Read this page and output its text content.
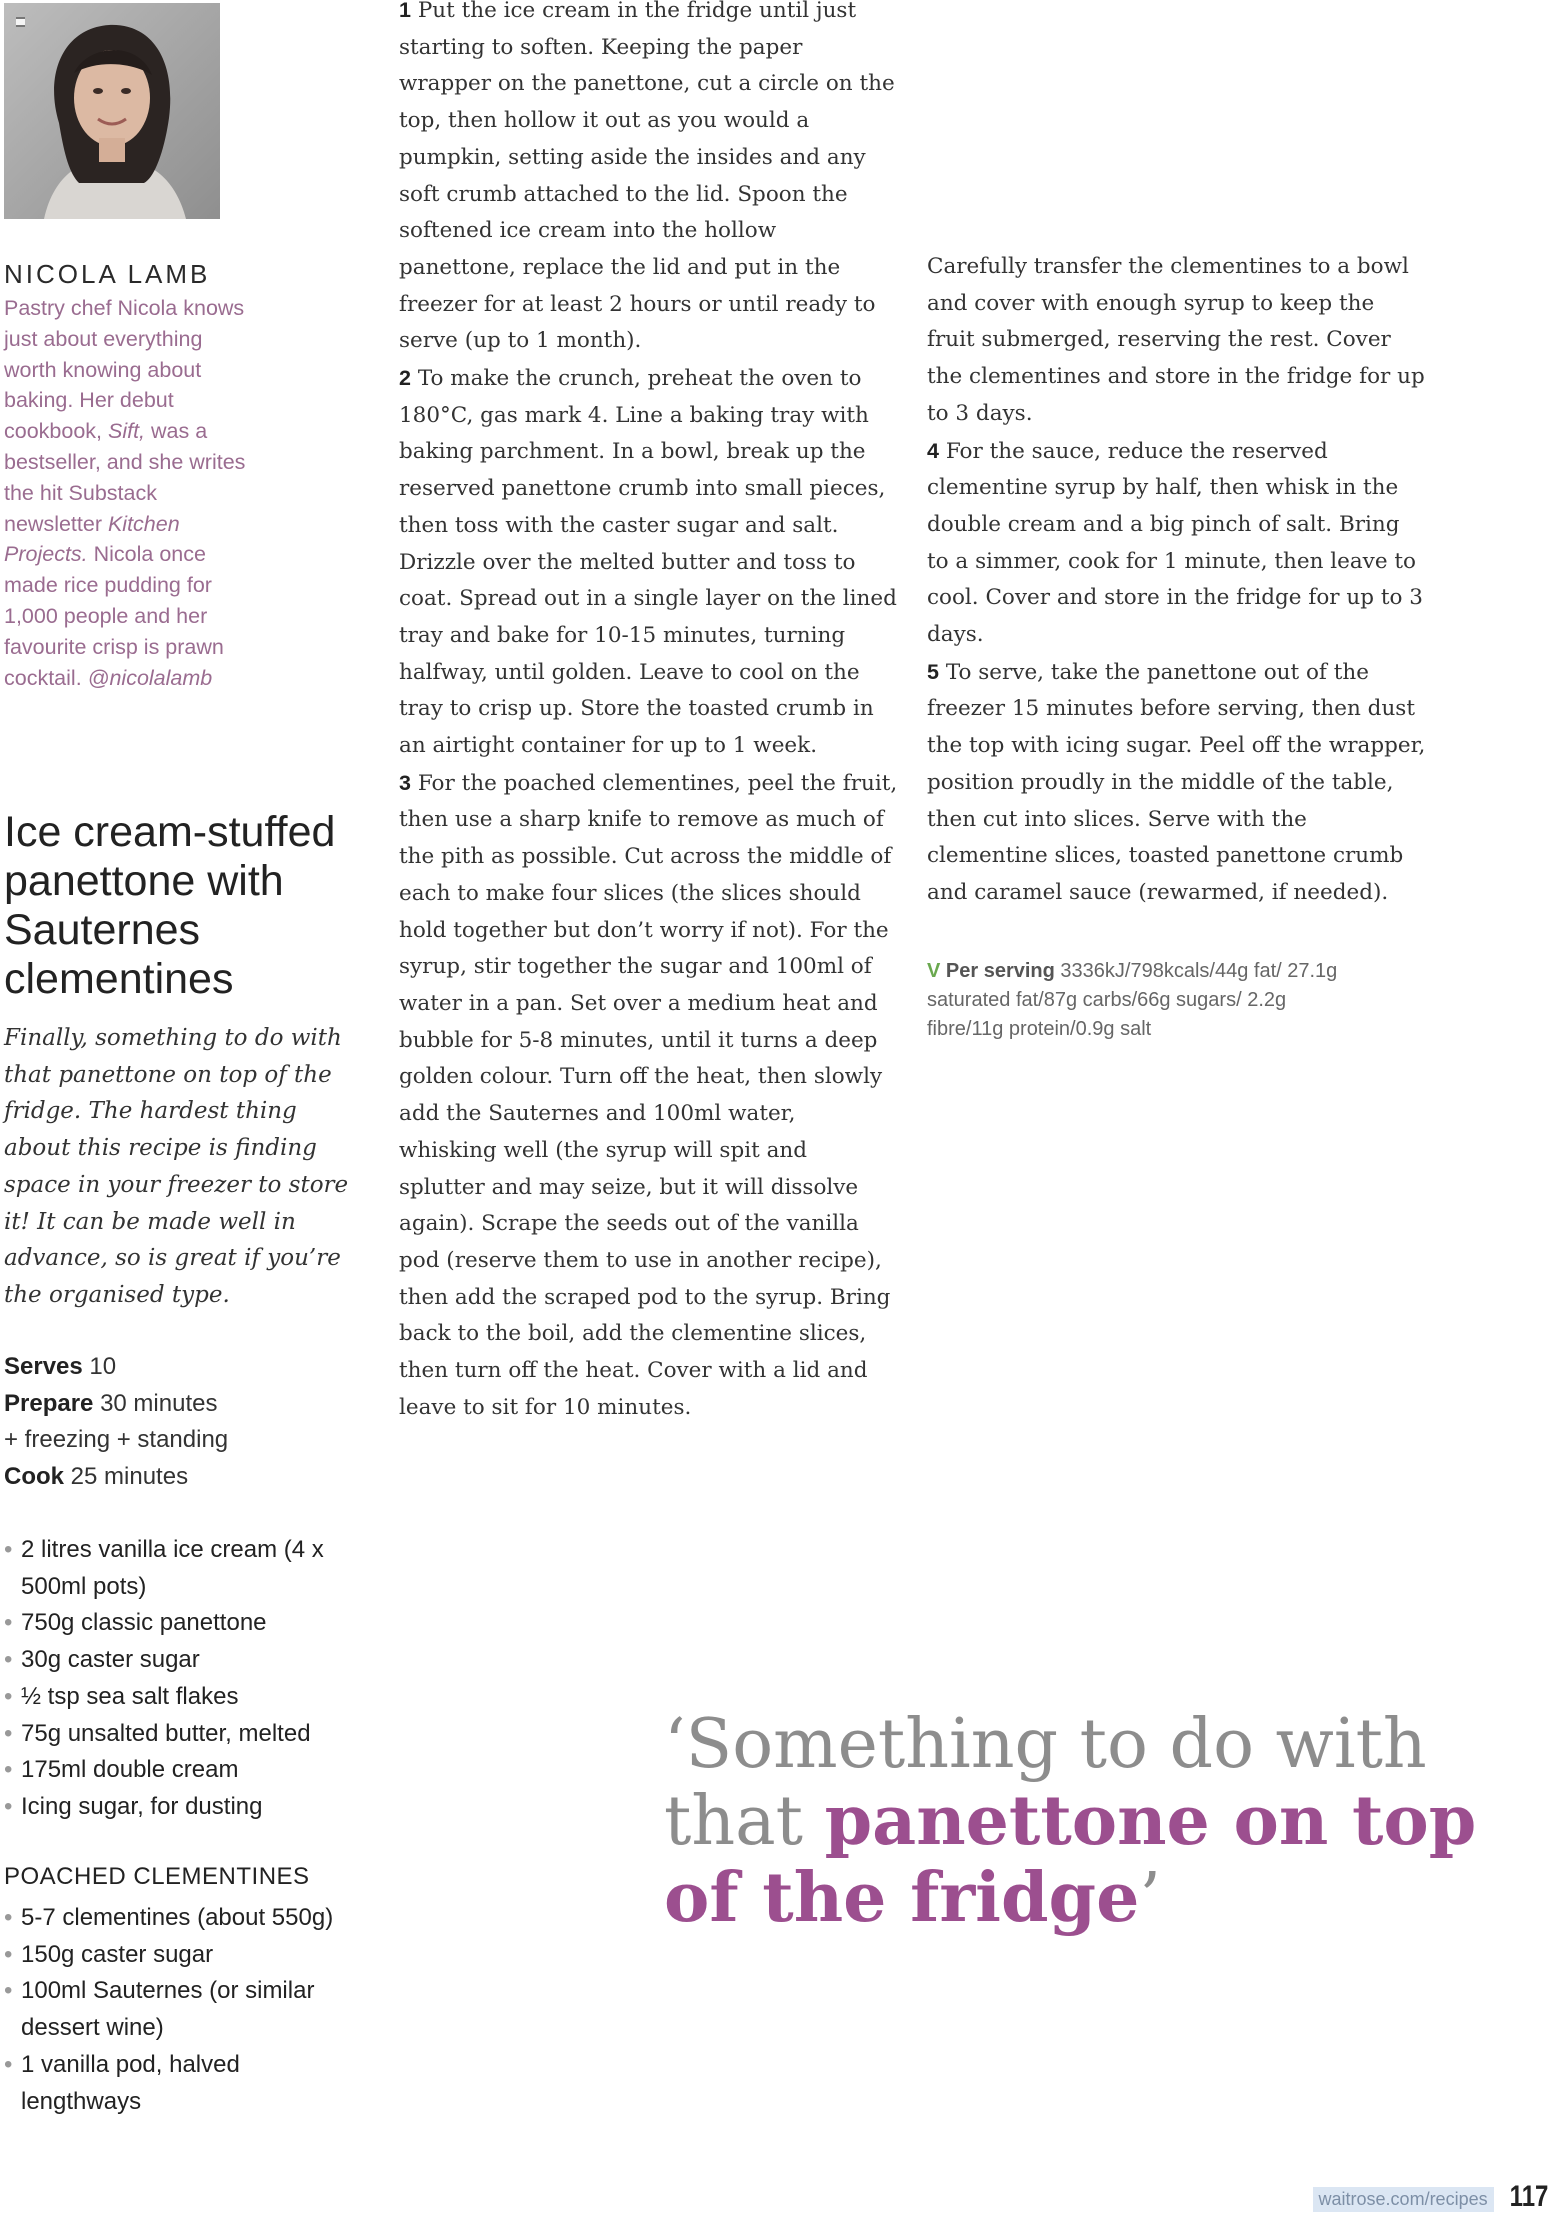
NICOLA LAMB
Pastry chef Nicola knows just about everything worth knowing about baking. Her debut cookbook, Sift, was a bestseller, and she writes the hit Substack newsletter Kitchen Projects. Nicola once made rice pudding for 1,000 people and her favourite crisp is prawn cocktail. @nicolalamb
Ice cream-stuffed panettone with Sauternes clementines
Finally, something to do with that panettone on top of the fridge. The hardest thing about this recipe is finding space in your freezer to store it! It can be made well in advance, so is great if you’re the organised type.
Serves 10
Prepare 30 minutes
+ freezing + standing
Cook 25 minutes
• 2 litres vanilla ice cream (4 x 500ml pots)
• 750g classic panettone
• 30g caster sugar
• ½ tsp sea salt flakes
• 75g unsalted butter, melted
• 175ml double cream
• Icing sugar, for dusting
POACHED CLEMENTINES
• 5-7 clementines (about 550g)
• 150g caster sugar
• 100ml Sauternes (or similar dessert wine)
• 1 vanilla pod, halved lengthways

1 Put the ice cream in the fridge until just starting to soften. Keeping the paper wrapper on the panettone, cut a circle on the top, then hollow it out as you would a pumpkin, setting aside the insides and any soft crumb attached to the lid. Spoon the softened ice cream into the hollow panettone, replace the lid and put in the freezer for at least 2 hours or until ready to serve (up to 1 month).

2 To make the crunch, preheat the oven to 180°C, gas mark 4. Line a baking tray with baking parchment. In a bowl, break up the reserved panettone crumb into small pieces, then toss with the caster sugar and salt. Drizzle over the melted butter and toss to coat. Spread out in a single layer on the lined tray and bake for 10-15 minutes, turning halfway, until golden. Leave to cool on the tray to crisp up. Store the toasted crumb in an airtight container for up to 1 week.

3 For the poached clementines, peel the fruit, then use a sharp knife to remove as much of the pith as possible. Cut across the middle of each to make four slices (the slices should hold together but don’t worry if not). For the syrup, stir together the sugar and 100ml of water in a pan. Set over a medium heat and bubble for 5-8 minutes, until it turns a deep golden colour. Turn off the heat, then slowly add the Sauternes and 100ml water, whisking well (the syrup will spit and splutter and may seize, but it will dissolve again). Scrape the seeds out of the vanilla pod (reserve them to use in another recipe), then add the scraped pod to the syrup. Bring back to the boil, add the clementine slices, then turn off the heat. Cover with a lid and leave to sit for 10 minutes.

Carefully transfer the clementines to a bowl and cover with enough syrup to keep the fruit submerged, reserving the rest. Cover the clementines and store in the fridge for up to 3 days.

4 For the sauce, reduce the reserved clementine syrup by half, then whisk in the double cream and a big pinch of salt. Bring to a simmer, cook for 1 minute, then leave to cool. Cover and store in the fridge for up to 3 days.

5 To serve, take the panettone out of the freezer 15 minutes before serving, then dust the top with icing sugar. Peel off the wrapper, position proudly in the middle of the table, then cut into slices. Serve with the clementine slices, toasted panettone crumb and caramel sauce (rewarmed, if needed).

V Per serving 3336kJ/798kcals/44g fat/ 27.1g saturated fat/87g carbs/66g sugars/ 2.2g fibre/11g protein/0.9g salt
‘Something to do with that panettone on top of the fridge’
waitrose.com/recipes 117
